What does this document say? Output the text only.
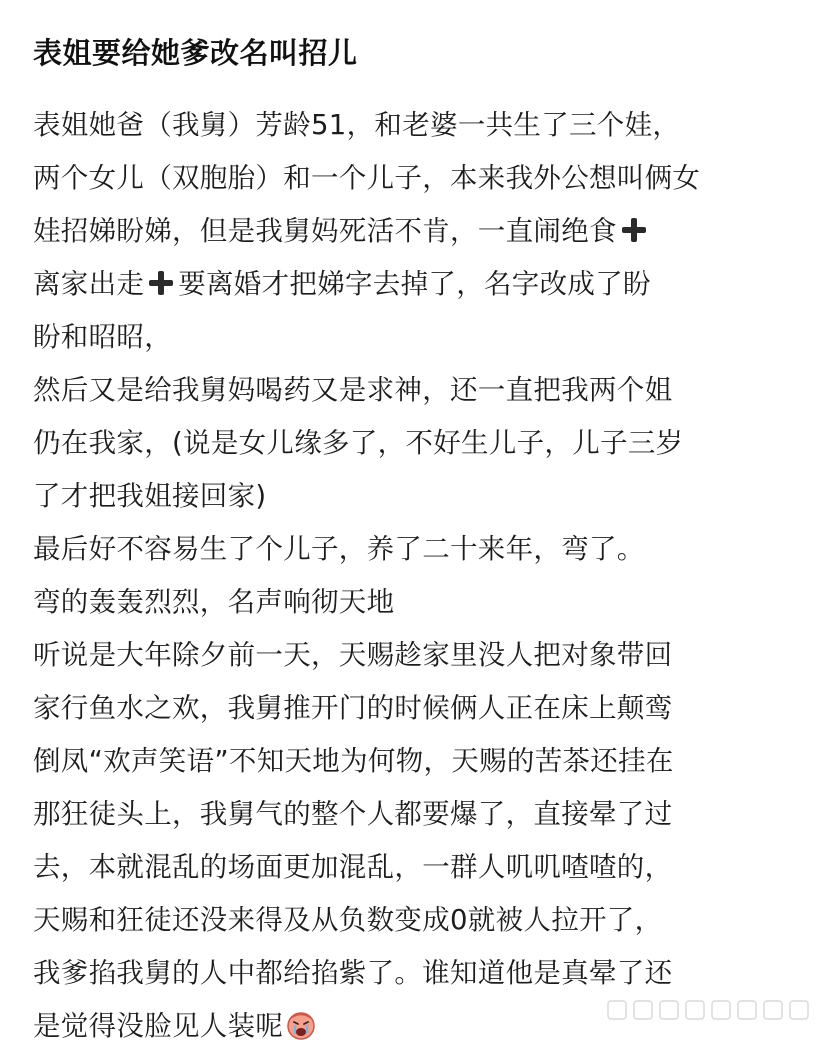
表姐要给她爹改名叫招儿
表姐她爸（我舅）芳龄51，和老婆一共生了三个娃，
两个女儿（双胞胎）和一个儿子，本来我外公想叫俩女
娃招娣盼娣，但是我舅妈死活不肯，一直闹绝食
离家出走 要离婚才把娣字去掉了，名字改成了盼
盼和昭昭，
然后又是给我舅妈喝药又是求神，还一直把我两个姐
仍在我家，(说是女儿缘多了，不好生儿子，儿子三岁
了才把我姐接回家)
最后好不容易生了个儿子，养了二十来年，弯了。
弯的轰轰烈烈，名声响彻天地
听说是大年除夕前一天，天赐趁家里没人把对象带回
家行鱼水之欢，我舅推开门的时候俩人正在床上颠鸾
倒凤“欢声笑语”不知天地为何物，天赐的苦茶还挂在
那狂徒头上，我舅气的整个人都要爆了，直接晕了过
去，本就混乱的场面更加混乱，一群人叽叽喳喳的，
天赐和狂徒还没来得及从负数变成0就被人拉开了，
我爹掐我舅的人中都给掐紫了。谁知道他是真晕了还
是觉得没脸见人装呢
